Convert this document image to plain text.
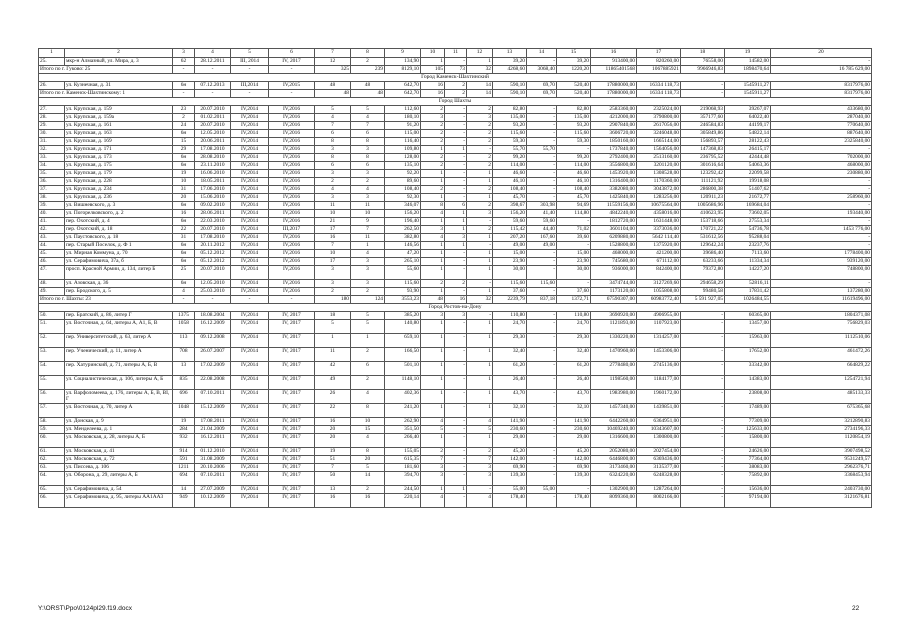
1	2	3	4	5	6	7	8	9	10	11	12	13	14	15	16	17	18	19	20
25.	мкр-н Алмазный, ул. Мира, д. 3	62	28.12.2011	III, 2014	IV, 2017	12	2	134,90	1	-	1	39,20	-	39,20	913400,00	820260,00	76558,00	14582,00	-
Итого по г. Гуково: 25		-	-	-	-	325	239	8129,10	105	73	32	4268,60	3068,40	1220,20	11865401568	1067885921	9966946,83	1898470,64	16 785 629,00
Город Каменск-Шахтинский																			
26.	ул. Кузнечная, д. 31	6н	07.12.2013	III,2014	IV,2015	48	48	642,70	16	2	14	590,10	69,70	520,40	17880000,00	16334 118,73	-	1545911,27	8317976,00
Итого по г. Каменск-Шахтинскому: 1		-	-	-	-	48	48	642,70	16	2	14	590,10	69,70	520,40	17880000,00	16334 118,73	-	1545911,27	8317976,00
Город Шахты																			
27.	ул. Крупская, д. 159	23	20.07.2010	IV,2014	IV,2016	5	5	112,60	2	-	2	82,80	-	82,80	2583360,00	2325024,00	219068,93	39267,07	433680,00
28.	ул. Крупская, д. 159а	2	01.02.2011	IV,2014	IV,2016	4	4	180,10	3	-	3	135,00	-	135,00	4212000,00	3790800,00	357177,60	64022,40	287040,00
29.	ул. Крупская, д. 161	24	20.07.2010	IV,2014	IV,2016	7	7	91,20	2	-	2	93,20	-	93,20	2907840,00	2617056,00	246584,83	44199,17	770640,00
30.	ул. Крупская, д. 163	6н	12.05.2010	IV,2014	IV,2016	6	6	115,00	2	-	2	115,60	-	115,60	3606720,00	3246048,00	305849,86	54822,14	887640,00
31.	ул. Крупская, д. 169	15	20.06.2011	IV,2014	IV,2016	8	8	116,40	2	-	2	59,30	-	59,30	1850160,00	1665144,00	156893,57	28122,43	2325840,00
32.	ул. Крупская, д. 171	29	17.08.2010	IV,2014	IV,2016	3	3	109,80	1	1	-	55,70	55,70	-	1737840,00	1564056,00	147368,83	26415,17	-
33.	ул. Крупская, д. 173	6н	28.08.2010	IV,2014	IV,2016	8	8	128,00	2	-	2	99,20	-	99,20	2792400,00	2513160,00	236795,52	42444,48	702000,00
34.	ул. Крупская, д. 175	6н	23.11.2010	IV,2014	IV,2016	6	6	135,10	2	-	2	114,00	-	114,00	3556800,00	3201120,00	301616,64	54063,36	468000,00
35.	ул. Крупская, д. 179	19	16.06.2010	IV,2014	IV,2016	3	3	92,20	1	-	1	46,60	-	46,60	1453920,00	1308528,00	123292,42	22099,58	230880,00
36.	ул. Крупская, д. 228	10	18.05.2011	IV,2014	IV,2016	2	2	89,60	1	-	1	46,10	-	46,10	1316400,00	1170360,00	111121,92	19918,08	-
37.	ул. Крупская, д. 234	31	17.06.2010	IV,2014	IV,2016	4	4	108,40	2	-	2	108,40	-	108,40	3382080,00	3043872,00	286800,38	51407,62	-
38.	ул. Крупская, д. 236	20	15.06.2010	IV,2014	IV,2016	3	3	92,30	1	-	1	45,70	-	45,70	1425840,00	1283256,00	120911,23	21672,77	258960,00
39.	ул. Вишневского, д. 3	6н	09.02.2010	IV,2014	IV,2016	11	11	346,07	8	6	2	398,67	303,98	94,69	11559156,00	10675564,00	1005686,96	169684,04	-
40.	ул. Погорелковского, д. 2	16	28.06.2011	IV,2014	IV,2016	10	10	156,20	4	1	3	156,20	41,40	114,80	4842240,00	4358016,00	410623,95	73602,05	193440,00
41.	пер. Охотский, д. 4	6н	22.03.2010	IV,2014	IV,2016	21	9	196,40	1	1	-	59,60	59,60	-	1812720,00	1631448,00	153718,66	27553,34	-
42.	пер. Охотский, д. 18	22	20.07.2010	IV,2014	III,2017	17	7	262,50	3	1	2	115,42	44,40	71,02	3601104,00	3373036,00	170721,22	54736,78	1453 776,00
43.	ул. Паустовского, д. 18	31	17.08.2010	IV,2014	IV,2016	16	11	382,80	4	3	1	207,20	167,60	39,60	6209880,00	5642 114,40	531612,56	95288,04	-
44.	пер. Старый Поселок, д. Ф 1	6н	20.11.2012	IV,2014	IV,2016	7	1	146,56	1	1	-	49,00	49,00	-	1528800,00	1375920,00	129642,24	23237,76	-
45.	ул. Мирная Коммуна, д. 70	6н	05.12.2012	IV,2014	IV,2016	10	4	47,20	1	-	1	15,00	-	15,00	468000,00	421200,00	39686,40	7113,60	1778400,00
46.	ул. Серафимовича, 37а, б	6н	05.12.2012	IV,2014	IV,2016	17	3	265,10	1	-	1	23,90	-	23,90	745680,00	671112,00	63233,66	11334,34	939120,00
47.	просп. Красной Армии, д. 134, литер Б	25	20.07.2010	IV,2014	IV,2016	3	3	55,60	1	-	1	30,00	-	30,00	936000,00	842400,00	79372,80	14227,20	748800,00
48.	ул. Азовская, д. 36	6н	12.05.2010	IV,2014	IV,2016	3	3	115,60	2	2	-	115,60	115,60	-	3474744,00	3127269,60	294658,29	52816,11	-
49.	пер. Бродского, д. 5	4	25.03.2010	IV,2014	IV,2016	2	2	93,90	1	-	1	37,60	-	37,60	1173120,00	1055808,00	99480,58	17831,42	137280,00
Итого по г. Шахты: 23		-	-	-	-	180	124	3553,23	48	16	32	2239,79	837,18	1372,71	67590307,00	60983772,40	5 591 927,05	1026484,55	11619496,00
Город Ростов-на-Дону																			
50.	пер. Братский, д. 86, литер Г	1375	18.08.2004	IV,2014	IV, 2017	18	5	385,20	3	3	-	110,80	-	110,80	3690920,00	4906955,00	-	60365,00	1804371,08
51.	ул. Восточная, д. 64, литеры А, А1, Б, В	1058	16.12.2009	IV,2014	IV, 2017	5	5	140,80	1	-	1	24,70	-	24,70	1121893,00	1107923,00	-	13457,00	756829,03
52.	пер. Университетский, д. 63, литер А	113	09.12.2008	IV,2014	IV, 2017	1	1	659,10	1	-	1	29,30	-	29,30	1330220,00	1314257,00	-	15963,00	1112510,06
53.	пер. Ученический, д. 11, литер А	708	26.07.2007	IV,2014	IV, 2017	11	2	166,50	1	-	1	32,40	-	32,40	1470960,00	1453306,00	-	17652,00	461472,26
54.	пер. Хатуринский, д. 71, литеры А, Б, В	13	17.02.2009	IV,2014	IV, 2017	42	6	501,10	1	-	1	61,20	-	61,20	2778480,00	2745136,00	-	33342,00	664829,22
55.	ул. Социалистическая, д. 106, литеры А, Б	835	22.08.2008	IV,2014	IV, 2017	49	2	1148,10	1	-	1	26,40	-	26,40	1198560,00	1184177,00	-	14383,00	1254721,94
56.	ул. Варфоломеева, д. 176, литеры А, Б, В, ВI, Г	696	07.10.2011	IV,2014	IV, 2017	26	4	402,36	1	-	1	43,70	-	43,70	1983980,00	1960172,00	-	23808,00	485133,33
57.	ул. Восточная, д. 70, литер А	1048	15.12.2009	IV,2014	IV, 2017	22	8	241,20	1	-	1	32,10	-	32,10	1457340,00	1439851,00	-	17489,00	675365,68
58.	ул. Донская, д. 9	19	17.08.2011	IV,2014	IV, 2017	16	10	262,90	4	-	4	141,90	-	141,90	6442260,00	6364951,00	-	77309,00	3212890,83
59.	ул. Менделеева, д. 1	284	21.04.2009	IV,2014	IV, 2017	20	15	351,50	5	-	5	230,60	-	230,60	10469240,00	10343607,00	-	125633,00	2734196,33
60.	ул. Московская, д. 28, литеры А, Б	932	16.12.2011	IV,2014	IV, 2017	20	4	266,40	1	-	1	29,00	-	29,00	1316600,00	1300800,00	-	15800,00	1120854,19
61.	ул. Московская, д. 41	914	01.12.2010	IV,2014	IV, 2017	19	8	155,05	2	-	2	45,20	-	45,20	2052080,00	2027454,00	-	24626,00	3907498,52
62.	ул. Московская, д. 72	591	31.08.2009	IV,2014	IV, 2017	51	20	615,35	7	-	7	142,00	-	142,00	6446800,00	6369436,00	-	77364,00	9531249,57
63.	ул. Писсева, д. 106	1211	20.10.2006	IV,2014	IV, 2017	7	5	181,60	3	-	3	69,90	-	69,90	3173460,00	3135377,00	-	38083,00	2962376,71
64.	ул. Оборона, д. 29, литеры А, Б	694	07.10.2011	IV,2014	IV, 2017	50	14	394,70	3	-	3	139,30	-	139,30	6324220,00	6248328,00	-	75892,00	3368453,94
65.	ул. Серафимовича, д. 54	14	27.07.2009	IV,2014	IV, 2017	13	2	244,50	1	1	-	55,00	55,00	-	1302900,00	1287264,00	-	15636,00	2403730,00
66.	ул. Серафимовича, д. 95, литеры АА1АА3	949	10.12.2009	IV,2014	IV, 2017	16	16	220,14	4	-	4	178,40	-	178,40	8099360,00	8002166,00	-	97194,00	3121676,81
Y:\ORST\Ppo\0124pl29.f19.docx	22
